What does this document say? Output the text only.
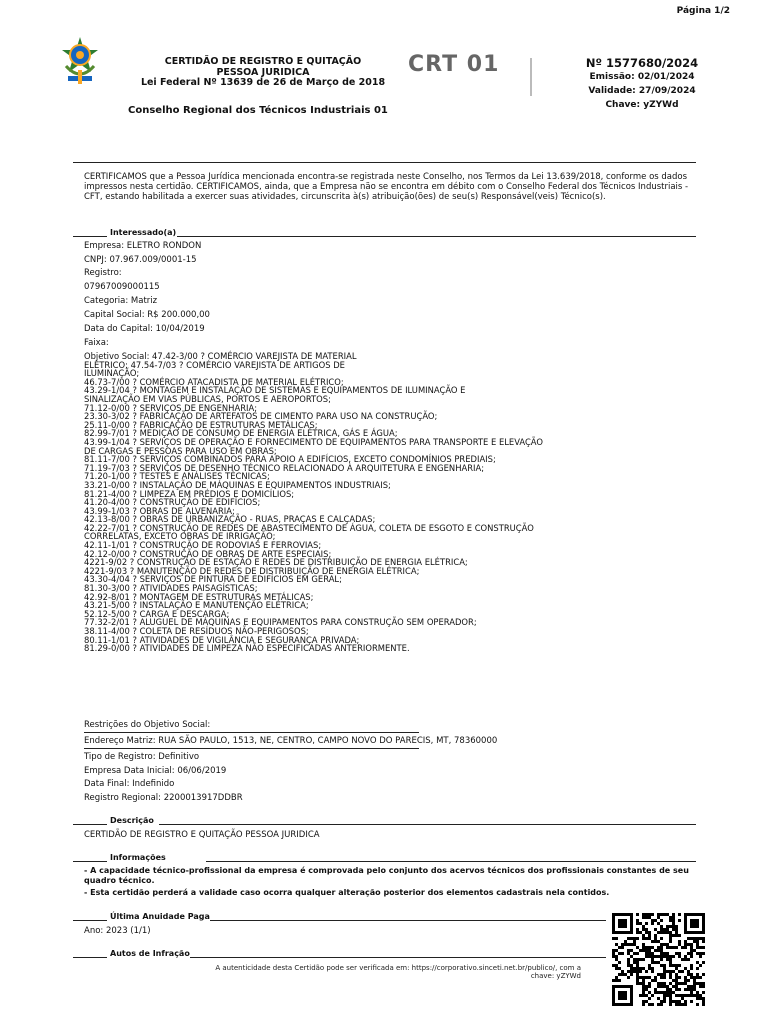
Página 1/2
CERTIDÃO DE REGISTRO E QUITAÇÃO
PESSOA JURIDICA
Lei Federal Nº 13639 de 26 de Março de 2018
CRT 01	Nº 1577680/2024
Emissão: 02/01/2024
Validade: 27/09/2024
Chave: yZYWd
Conselho Regional dos Técnicos Industriais 01
CERTIFICAMOS que a Pessoa Jurídica mencionada encontra-se registrada neste Conselho, nos Termos da Lei 13.639/2018, conforme os dados impressos nesta certidão. CERTIFICAMOS, ainda, que a Empresa não se encontra em débito com o Conselho Federal dos Técnicos Industriais - CFT, estando habilitada a exercer suas atividades, circunscrita à(s) atribuição(ões) de seu(s) Responsável(veis) Técnico(s).
Interessado(a)
Empresa: ELETRO RONDON
CNPJ: 07.967.009/0001-15
Registro:
07967009000115
Categoria: Matriz
Capital Social: R$ 200.000,00
Data do Capital: 10/04/2019
Faixa:
Objetivo Social: 47.42-3/00 ? COMÉRCIO VAREJISTA DE MATERIAL
ELÉTRICO; 47.54-7/03 ? COMÉRCIO VAREJISTA DE ARTIGOS DE
ILUMINAÇÃO;
46.73-7/00 ? COMÉRCIO ATACADISTA DE MATERIAL ELÉTRICO;
43.29-1/04 ? MONTAGEM E INSTALAÇÃO DE SISTEMAS E EQUIPAMENTOS DE ILUMINAÇÃO E
SINALIZAÇÃO EM VIAS PÚBLICAS, PORTOS E AEROPORTOS;
71.12-0/00 ? SERVIÇOS DE ENGENHARIA;
23.30-3/02 ? FABRICAÇÃO DE ARTEFATOS DE CIMENTO PARA USO NA CONSTRUÇÃO;
25.11-0/00 ? FABRICAÇÃO DE ESTRUTURAS METÁLICAS;
82.99-7/01 ? MEDIÇÃO DE CONSUMO DE ENERGIA ELÉTRICA, GÁS E ÁGUA;
43.99-1/04 ? SERVIÇOS DE OPERAÇÃO E FORNECIMENTO DE EQUIPAMENTOS PARA TRANSPORTE E ELEVAÇÃO
DE CARGAS E PESSOAS PARA USO EM OBRAS;
81.11-7/00 ? SERVIÇOS COMBINADOS PARA APOIO A EDIFÍCIOS, EXCETO CONDOMÍNIOS PREDIAIS;
71.19-7/03 ? SERVIÇOS DE DESENHO TÉCNICO RELACIONADO À ARQUITETURA E ENGENHARIA;
71.20-1/00 ? TESTES E ANÁLISES TÉCNICAS;
33.21-0/00 ? INSTALAÇÃO DE MÁQUINAS E EQUIPAMENTOS INDUSTRIAIS;
81.21-4/00 ? LIMPEZA EM PRÉDIOS E DOMICÍLIOS;
41.20-4/00 ? CONSTRUÇÃO DE EDIFÍCIOS;
43.99-1/03 ? OBRAS DE ALVENARIA;
42.13-8/00 ? OBRAS DE URBANIZAÇÃO - RUAS, PRAÇAS E CALÇADAS;
42.22-7/01 ? CONSTRUÇÃO DE REDES DE ABASTECIMENTO DE ÁGUA, COLETA DE ESGOTO E CONSTRUÇÃO
CORRELATAS, EXCETO OBRAS DE IRRIGAÇÃO;
42.11-1/01 ? CONSTRUÇÃO DE RODOVIAS E FERROVIAS;
42.12-0/00 ? CONSTRUÇÃO DE OBRAS DE ARTE ESPECIAIS;
4221-9/02 ? CONSTRUÇÃO DE ESTAÇÃO E REDES DE DISTRIBUIÇÃO DE ENERGIA ELÉTRICA;
4221-9/03 ? MANUTENÇÃO DE REDES DE DISTRIBUIÇÃO DE ENERGIA ELÉTRICA;
43.30-4/04 ? SERVIÇOS DE PINTURA DE EDIFÍCIOS EM GERAL;
81.30-3/00 ? ATIVIDADES PAISAGÍSTICAS;
42.92-8/01 ? MONTAGEM DE ESTRUTURAS METÁLICAS;
43.21-5/00 ? INSTALAÇÃO E MANUTENÇÃO ELÉTRICA;
52.12-5/00 ? CARGA E DESCARGA;
77.32-2/01 ? ALUGUEL DE MÁQUINAS E EQUIPAMENTOS PARA CONSTRUÇÃO SEM OPERADOR;
38.11-4/00 ? COLETA DE RESÍDUOS NÃO-PERIGOSOS;
80.11-1/01 ? ATIVIDADES DE VIGILÂNCIA E SEGURANÇA PRIVADA;
81.29-0/00 ? ATIVIDADES DE LIMPEZA NÃO ESPECIFICADAS ANTERIORMENTE.
Restrições do Objetivo Social:
Endereço Matriz: RUA SÃO PAULO, 1513, NE, CENTRO, CAMPO NOVO DO PARECIS, MT, 78360000
Tipo de Registro: Definitivo
Empresa Data Inicial: 06/06/2019
Data Final: Indefinido
Registro Regional: 2200013917DDBR
Descrição
CERTIDÃO DE REGISTRO E QUITAÇÃO PESSOA JURIDICA
Informações
- A capacidade técnico-profissional da empresa é comprovada pelo conjunto dos acervos técnicos dos profissionais constantes de seu quadro técnico.
- Esta certidão perderá a validade caso ocorra qualquer alteração posterior dos elementos cadastrais nela contidos.
Última Anuidade Paga
Ano: 2023 (1/1)
Autos de Infração
A autenticidade desta Certidão pode ser verificada em: https://corporativo.sinceti.net.br/publico/, com a
chave: yZYWd
